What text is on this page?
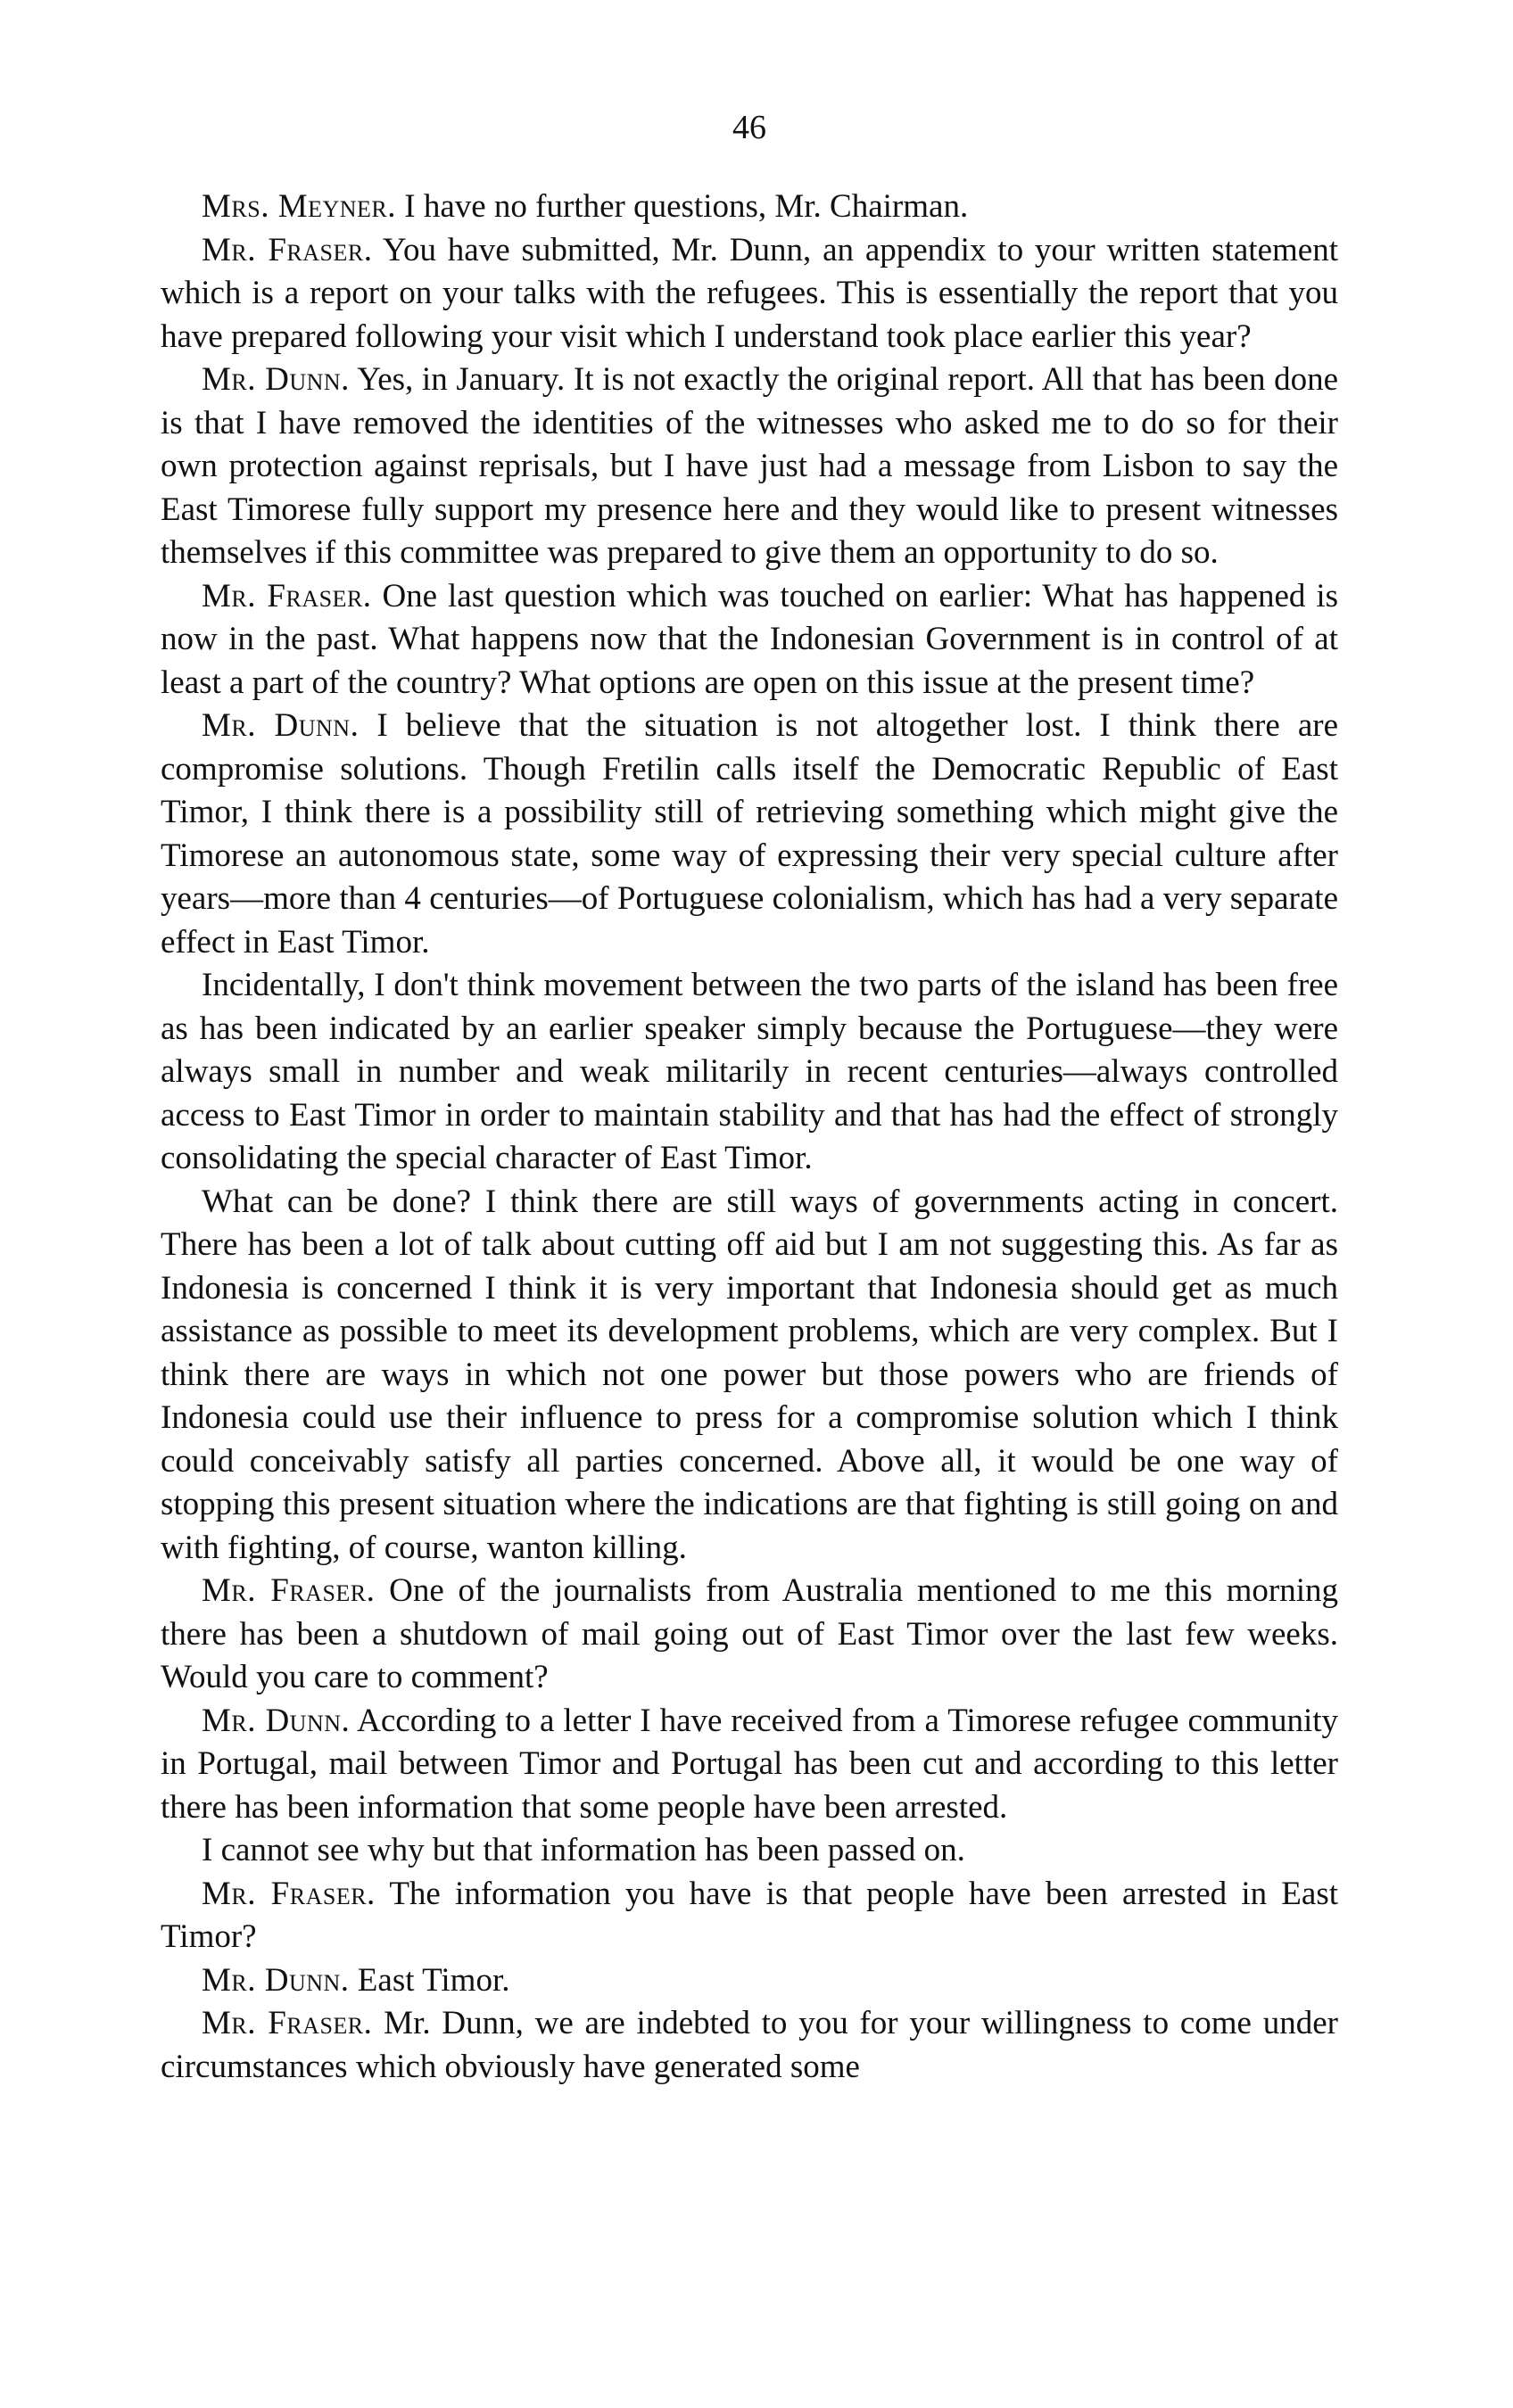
46

Mrs. Meyner. I have no further questions, Mr. Chairman.

Mr. Fraser. You have submitted, Mr. Dunn, an appendix to your written statement which is a report on your talks with the refugees. This is essentially the report that you have prepared following your visit which I understand took place earlier this year?

Mr. Dunn. Yes, in January. It is not exactly the original report. All that has been done is that I have removed the identities of the witnesses who asked me to do so for their own protection against reprisals, but I have just had a message from Lisbon to say the East Timorese fully support my presence here and they would like to present witnesses themselves if this committee was prepared to give them an opportunity to do so.

Mr. Fraser. One last question which was touched on earlier: What has happened is now in the past. What happens now that the Indonesian Government is in control of at least a part of the country? What options are open on this issue at the present time?

Mr. Dunn. I believe that the situation is not altogether lost. I think there are compromise solutions. Though Fretilin calls itself the Democratic Republic of East Timor, I think there is a possibility still of retrieving something which might give the Timorese an autonomous state, some way of expressing their very special culture after years—more than 4 centuries—of Portuguese colonialism, which has had a very separate effect in East Timor.

Incidentally, I don't think movement between the two parts of the island has been free as has been indicated by an earlier speaker simply because the Portuguese—they were always small in number and weak militarily in recent centuries—always controlled access to East Timor in order to maintain stability and that has had the effect of strongly consolidating the special character of East Timor.

What can be done? I think there are still ways of governments acting in concert. There has been a lot of talk about cutting off aid but I am not suggesting this. As far as Indonesia is concerned I think it is very important that Indonesia should get as much assistance as possible to meet its development problems, which are very complex. But I think there are ways in which not one power but those powers who are friends of Indonesia could use their influence to press for a compromise solution which I think could conceivably satisfy all parties concerned. Above all, it would be one way of stopping this present situation where the indications are that fighting is still going on and with fighting, of course, wanton killing.

Mr. Fraser. One of the journalists from Australia mentioned to me this morning there has been a shutdown of mail going out of East Timor over the last few weeks. Would you care to comment?

Mr. Dunn. According to a letter I have received from a Timorese refugee community in Portugal, mail between Timor and Portugal has been cut and according to this letter there has been information that some people have been arrested.

I cannot see why but that information has been passed on.

Mr. Fraser. The information you have is that people have been arrested in East Timor?

Mr. Dunn. East Timor.

Mr. Fraser. Mr. Dunn, we are indebted to you for your willingness to come under circumstances which obviously have generated some
